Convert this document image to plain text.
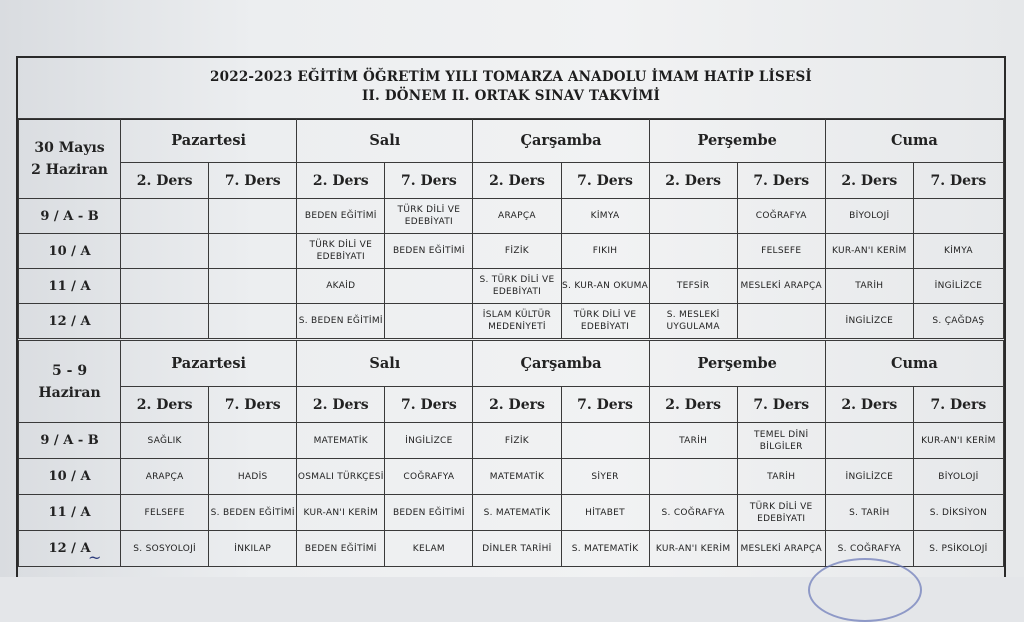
2022-2023 EĞİTİM ÖĞRETİM YILI TOMARZA ANADOLU İMAM HATİP LİSESİ
II. DÖNEM II. ORTAK SINAV TAKVİMİ
30 Mayıs
2 Haziran	Pazartesi		Salı		Çarşamba		Perşembe		Cuma	
	2. Ders	7. Ders	2. Ders	7. Ders	2. Ders	7. Ders	2. Ders	7. Ders	2. Ders	7. Ders
9 / A - B			BEDEN EĞİTİMİ	TÜRK DİLİ VE EDEBİYATI	ARAPÇA	KİMYA		COĞRAFYA	BİYOLOJİ	
10 / A			TÜRK DİLİ VE EDEBİYATI	BEDEN EĞİTİMİ	FİZİK	FIKIH		FELSEFE	KUR-AN'I KERİM	KİMYA
11 / A			AKAİD		S. TÜRK DİLİ VE EDEBİYATI	S. KUR-AN OKUMA	TEFSİR	MESLEKİ ARAPÇA	TARİH	İNGİLİZCE
12 / A			S. BEDEN EĞİTİMİ		İSLAM KÜLTÜR MEDENİYETİ	TÜRK DİLİ VE EDEBİYATI	S. MESLEKİ UYGULAMA		İNGİLİZCE	S. ÇAĞDAŞ
5 - 9
Haziran	Pazartesi		Salı		Çarşamba		Perşembe		Cuma	
	2. Ders	7. Ders	2. Ders	7. Ders	2. Ders	7. Ders	2. Ders	7. Ders	2. Ders	7. Ders
9 / A - B	SAĞLIK		MATEMATİK	İNGİLİZCE	FİZİK		TARİH	TEMEL DİNİ BİLGİLER		KUR-AN'I KERİM
10 / A	ARAPÇA	HADİS	OSMALI TÜRKÇESİ	COĞRAFYA	MATEMATİK	SİYER		TARİH	İNGİLİZCE	BİYOLOJİ
11 / A	FELSEFE	S. BEDEN EĞİTİMİ	KUR-AN'I KERİM	BEDEN EĞİTİMİ	S. MATEMATİK	HİTABET	S. COĞRAFYA	TÜRK DİLİ VE EDEBİYATI	S. TARİH	S. DİKSİYON
12 / A	S. SOSYOLOJİ	İNKILAP	BEDEN EĞİTİMİ	KELAM	DİNLER TARİHİ	S. MATEMATİK	KUR-AN'I KERİM	MESLEKİ ARAPÇA	S. COĞRAFYA	S. PSİKOLOJİ
~
